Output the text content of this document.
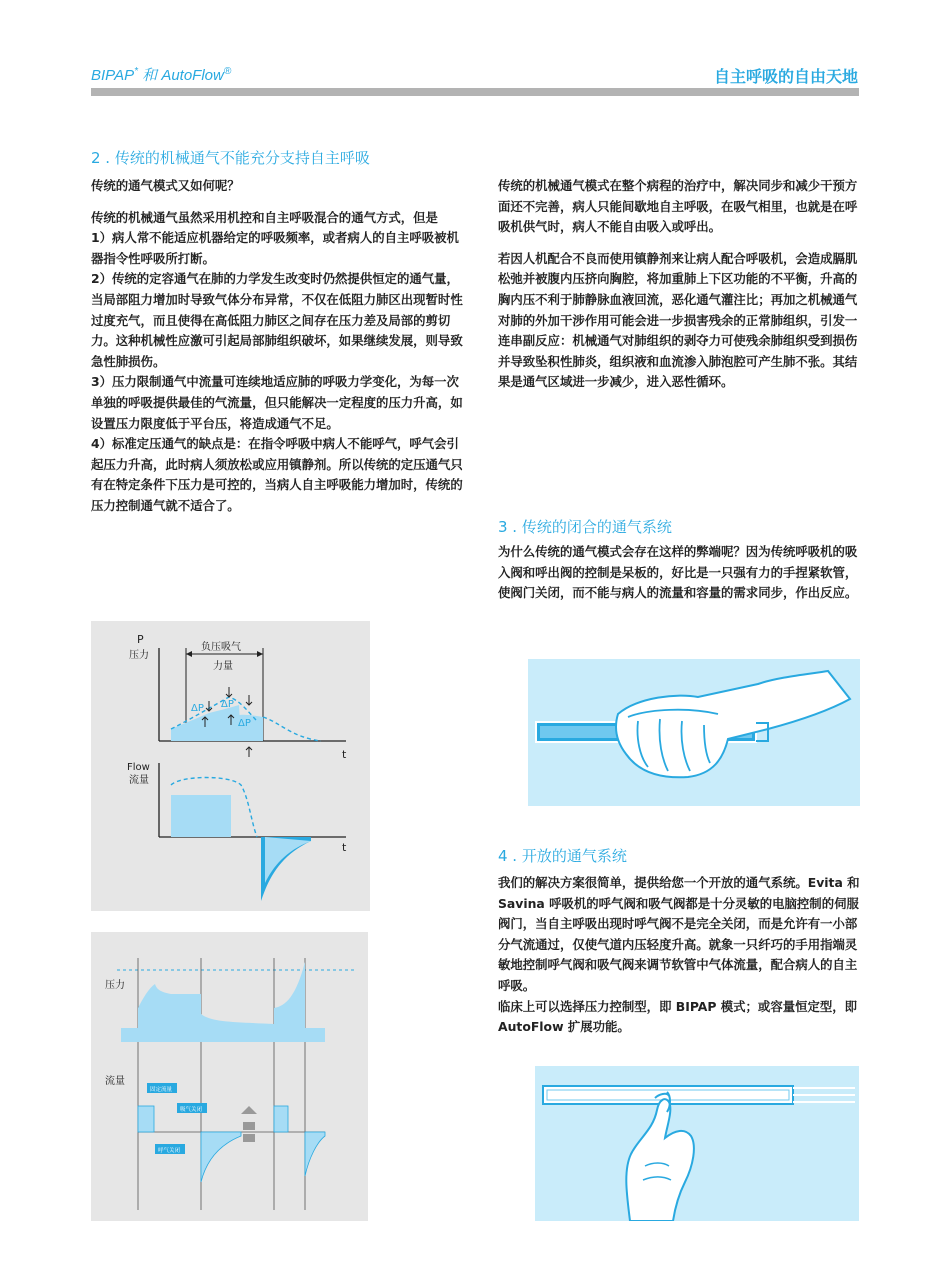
BIPAP* 和 AutoFlow®	自主呼吸的自由天地
2 . 传统的机械通气不能充分支持自主呼吸

传统的通气模式又如何呢？

传统的机械通气虽然采用机控和自主呼吸混合的通气方式，但是

1）病人常不能适应机器给定的呼吸频率，或者病人的自主呼吸被机器指令性呼吸所打断。

2）传统的定容通气在肺的力学发生改变时仍然提供恒定的通气量，当局部阻力增加时导致气体分布异常，不仅在低阻力肺区出现暂时性过度充气，而且使得在高低阻力肺区之间存在压力差及局部的剪切力。这种机械性应激可引起局部肺组织破坏，如果继续发展，则导致急性肺损伤。

3）压力限制通气中流量可连续地适应肺的呼吸力学变化，为每一次单独的呼吸提供最佳的气流量，但只能解决一定程度的压力升高，如设置压力限度低于平台压，将造成通气不足。

4）标准定压通气的缺点是：在指令呼吸中病人不能呼气，呼气会引起压力升高，此时病人须放松或应用镇静剂。所以传统的定压通气只有在特定条件下压力是可控的，当病人自主呼吸能力增加时，传统的压力控制通气就不适合了。

传统的机械通气模式在整个病程的治疗中，解决同步和减少干预方面还不完善，病人只能间歇地自主呼吸，在吸气相里，也就是在呼吸机供气时，病人不能自由吸入或呼出。

若因人机配合不良而使用镇静剂来让病人配合呼吸机，会造成膈肌松弛并被腹内压挤向胸腔，将加重肺上下区功能的不平衡，升高的胸内压不利于肺静脉血液回流，恶化通气灌注比；再加之机械通气对肺的外加干涉作用可能会进一步损害残余的正常肺组织，引发一连串副反应：机械通气对肺组织的剥夺力可使残余肺组织受到损伤并导致坠积性肺炎，组织液和血流渗入肺泡腔可产生肺不张。其结果是通气区域进一步减少，进入恶性循环。

3 . 传统的闭合的通气系统
为什么传统的通气模式会存在这样的弊端呢？因为传统呼吸机的吸入阀和呼出阀的控制是呆板的，好比是一只强有力的手捏紧软管，使阀门关闭，而不能与病人的流量和容量的需求同步，作出反应。
4 . 开放的通气系统

我们的解决方案很简单，提供给您一个开放的通气系统。Evita 和 Savina 呼吸机的呼气阀和吸气阀都是十分灵敏的电脑控制的伺服阀门，当自主呼吸出现时呼气阀不是完全关闭，而是允许有一小部分气流通过，仅使气道内压轻度升高。就象一只纤巧的手用指端灵敏地控制呼气阀和吸气阀来调节软管中气体流量，配合病人的自主呼吸。

临床上可以选择压力控制型，即 BIPAP 模式；或容量恒定型，即 AutoFlow 扩展功能。

P
压力
t
负压吸气
力量
ΔP ΔP
ΔP
Flow
流量
t
压力
流量
固定流量
吸气关闭
呼气关闭
